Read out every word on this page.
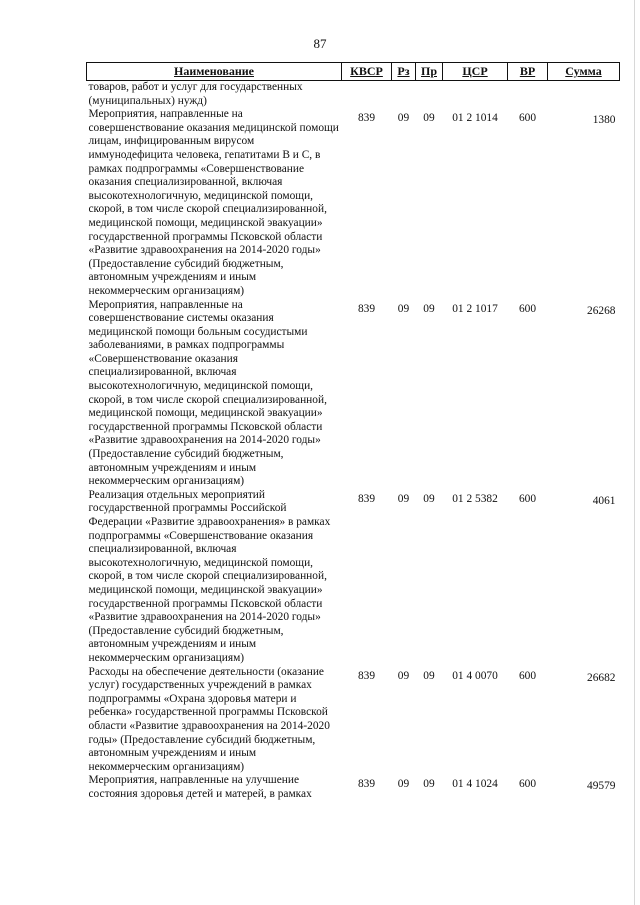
87
Наименование	КВСР	Рз	Пр	ЦСР	ВР	Сумма
товаров, работ и услуг для государственных (муниципальных) нужд)						
Мероприятия, направленные на совершенствование оказания медицинской помощи лицам, инфицированным вирусом иммунодефицита человека, гепатитами В и С, в рамках подпрограммы «Совершенствование оказания специализированной, включая высокотехнологичную, медицинской помощи, скорой, в том числе скорой специализированной, медицинской помощи, медицинской эвакуации» государственной программы Псковской области «Развитие здравоохранения на 2014-2020 годы» (Предоставление субсидий бюджетным, автономным учреждениям и иным некоммерческим организациям)	839	09	09	01 2 1014	600	1380
Мероприятия, направленные на совершенствование системы оказания медицинской помощи больным сосудистыми заболеваниями, в рамках подпрограммы «Совершенствование оказания специализированной, включая высокотехнологичную, медицинской помощи, скорой, в том числе скорой специализированной, медицинской помощи, медицинской эвакуации» государственной программы Псковской области «Развитие здравоохранения на 2014-2020 годы» (Предоставление субсидий бюджетным, автономным учреждениям и иным некоммерческим организациям)	839	09	09	01 2 1017	600	26268
Реализация отдельных мероприятий государственной программы Российской Федерации «Развитие здравоохранения» в рамках подпрограммы «Совершенствование оказания специализированной, включая высокотехнологичную, медицинской помощи, скорой, в том числе скорой специализированной, медицинской помощи, медицинской эвакуации» государственной программы Псковской области «Развитие здравоохранения на 2014-2020 годы» (Предоставление субсидий бюджетным, автономным учреждениям и иным некоммерческим организациям)	839	09	09	01 2 5382	600	4061
Расходы на обеспечение деятельности (оказание услуг) государственных учреждений в рамках подпрограммы «Охрана здоровья матери и ребенка» государственной программы Псковской области «Развитие здравоохранения на 2014-2020 годы» (Предоставление субсидий бюджетным, автономным учреждениям и иным некоммерческим организациям)	839	09	09	01 4 0070	600	26682
Мероприятия, направленные на улучшение состояния здоровья детей и матерей, в рамках	839	09	09	01 4 1024	600	49579
